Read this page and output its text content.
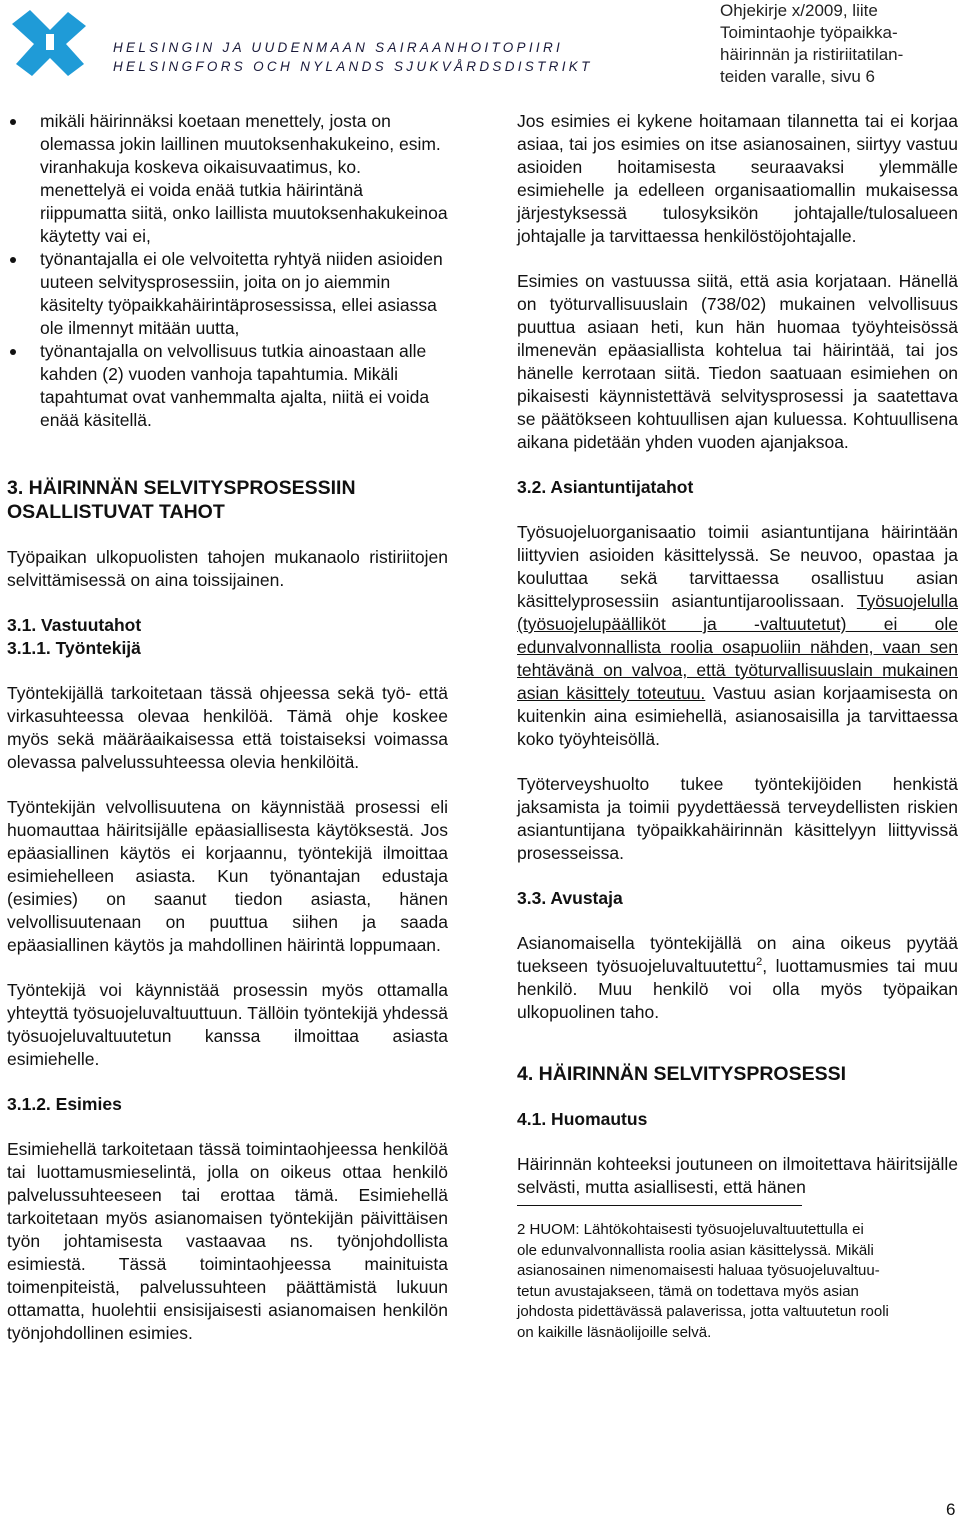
HELSINGIN JA UUDENMAAN SAIRAANHOITOPIIRI
HELSINGFORS OCH NYLANDS SJUKVÅRDSDISTRIKT
Ohjekirje x/2009, liite
Toimintaohje työpaikka-
häirinnän ja ristiriitatilan-
teiden varalle, sivu 6
mikäli häirinnäksi koetaan menettely, josta on olemassa jokin laillinen muutoksenhakukeino, esim. viranhakuja koskeva oikaisuvaatimus, ko. menettelyä ei voida enää tutkia häirintänä riippumatta siitä, onko laillista muutoksenhakukeinoa käytetty vai ei,
työnantajalla ei ole velvoitetta ryhtyä niiden asioiden uuteen selvitysprosessiin, joita on jo aiemmin käsitelty työpaikkahäirintäprosessissa, ellei asiassa ole ilmennyt mitään uutta,
työnantajalla on velvollisuus tutkia ainoastaan alle kahden (2) vuoden vanhoja tapahtumia. Mikäli tapahtumat ovat vanhemmalta ajalta, niitä ei voida enää käsitellä.
3. HÄIRINNÄN SELVITYSPROSESSIIN OSALLISTUVAT TAHOT

Työpaikan ulkopuolisten tahojen mukanaolo ristiriitojen selvittämisessä on aina toissijainen.

3.1. Vastuutahot
3.1.1. Työntekijä

Työntekijällä tarkoitetaan tässä ohjeessa sekä työ- että virkasuhteessa olevaa henkilöä. Tämä ohje koskee myös sekä määräaikaisessa että toistaiseksi voimassa olevassa palvelussuhteessa olevia henkilöitä.

Työntekijän velvollisuutena on käynnistää prosessi eli huomauttaa häiritsijälle epäasiallisesta käytöksestä. Jos epäasiallinen käytös ei korjaannu, työntekijä ilmoittaa esimiehelleen asiasta. Kun työnantajan edustaja (esimies) on saanut tiedon asiasta, hänen velvollisuutenaan on puuttua siihen ja saada epäasiallinen käytös ja mahdollinen häirintä loppumaan.

Työntekijä voi käynnistää prosessin myös ottamalla yhteyttä työsuojeluvaltuuttuun. Tällöin työntekijä yhdessä työsuojeluvaltuutetun kanssa ilmoittaa asiasta esimiehelle.

3.1.2. Esimies

Esimiehellä tarkoitetaan tässä toimintaohjeessa henkilöä tai luottamusmieselintä, jolla on oikeus ottaa henkilö palvelussuhteeseen tai erottaa tämä. Esimiehellä tarkoitetaan myös asianomaisen työntekijän päivittäisen työn johtamisesta vastaavaa ns. työnjohdollista esimiestä. Tässä toimintaohjeessa mainituista toimenpiteistä, palvelussuhteen päättämistä lukuun ottamatta, huolehtii ensisijaisesti asianomaisen henkilön työnjohdollinen esimies.

Jos esimies ei kykene hoitamaan tilannetta tai ei korjaa asiaa, tai jos esimies on itse asianosainen, siirtyy vastuu asioiden hoitamisesta seuraavaksi ylemmälle esimiehelle ja edelleen organisaatiomallin mukaisessa järjestyksessä tulosyksikön johtajalle/tulosalueen johtajalle ja tarvittaessa henkilöstöjohtajalle.

Esimies on vastuussa siitä, että asia korjataan. Hänellä on työturvallisuuslain (738/02) mukainen velvollisuus puuttua asiaan heti, kun hän huomaa työyhteisössä ilmenevän epäasiallista kohtelua tai häirintää, tai jos hänelle kerrotaan siitä. Tiedon saatuaan esimiehen on pikaisesti käynnistettävä selvitysprosessi ja saatettava se päätökseen kohtuullisen ajan kuluessa. Kohtuullisena aikana pidetään yhden vuoden ajanjaksoa.

3.2. Asiantuntijatahot

Työsuojeluorganisaatio toimii asiantuntijana häirintään liittyvien asioiden käsittelyssä. Se neuvoo, opastaa ja kouluttaa sekä tarvittaessa osallistuu asian käsittelyprosessiin asiantuntijaroolissaan. Työsuojelulla (työsuojelupäälliköt ja -valtuutetut) ei ole edunvalvonnallista roolia osapuoliin nähden, vaan sen tehtävänä on valvoa, että työturvallisuuslain mukainen asian käsittely toteutuu. Vastuu asian korjaamisesta on kuitenkin aina esimiehellä, asianosaisilla ja tarvittaessa koko työyhteisöllä.

Työterveyshuolto tukee työntekijöiden henkistä jaksamista ja toimii pyydettäessä terveydellisten riskien asiantuntijana työpaikkahäirinnän käsittelyyn liittyvissä prosesseissa.

3.3. Avustaja

Asianomaisella työntekijällä on aina oikeus pyytää tuekseen työsuojeluvaltuutettu$^2$, luottamusmies tai muu henkilö. Muu henkilö voi olla myös työpaikan ulkopuolinen taho.

4. HÄIRINNÄN SELVITYSPROSESSI
4.1. Huomautus

Häirinnän kohteeksi joutuneen on ilmoitettava häiritsijälle selvästi, mutta asiallisesti, että hänen

2 HUOM: Lähtökohtaisesti työsuojeluvaltuutettulla ei
ole edunvalvonnallista roolia asian käsittelyssä. Mikäli
asianosainen nimenomaisesti haluaa työsuojeluvaltuu-
tetun avustajakseen, tämä on todettava myös asian
johdosta pidettävässä palaverissa, jotta valtuutetun rooli
on kaikille läsnäolijoille selvä.
6
